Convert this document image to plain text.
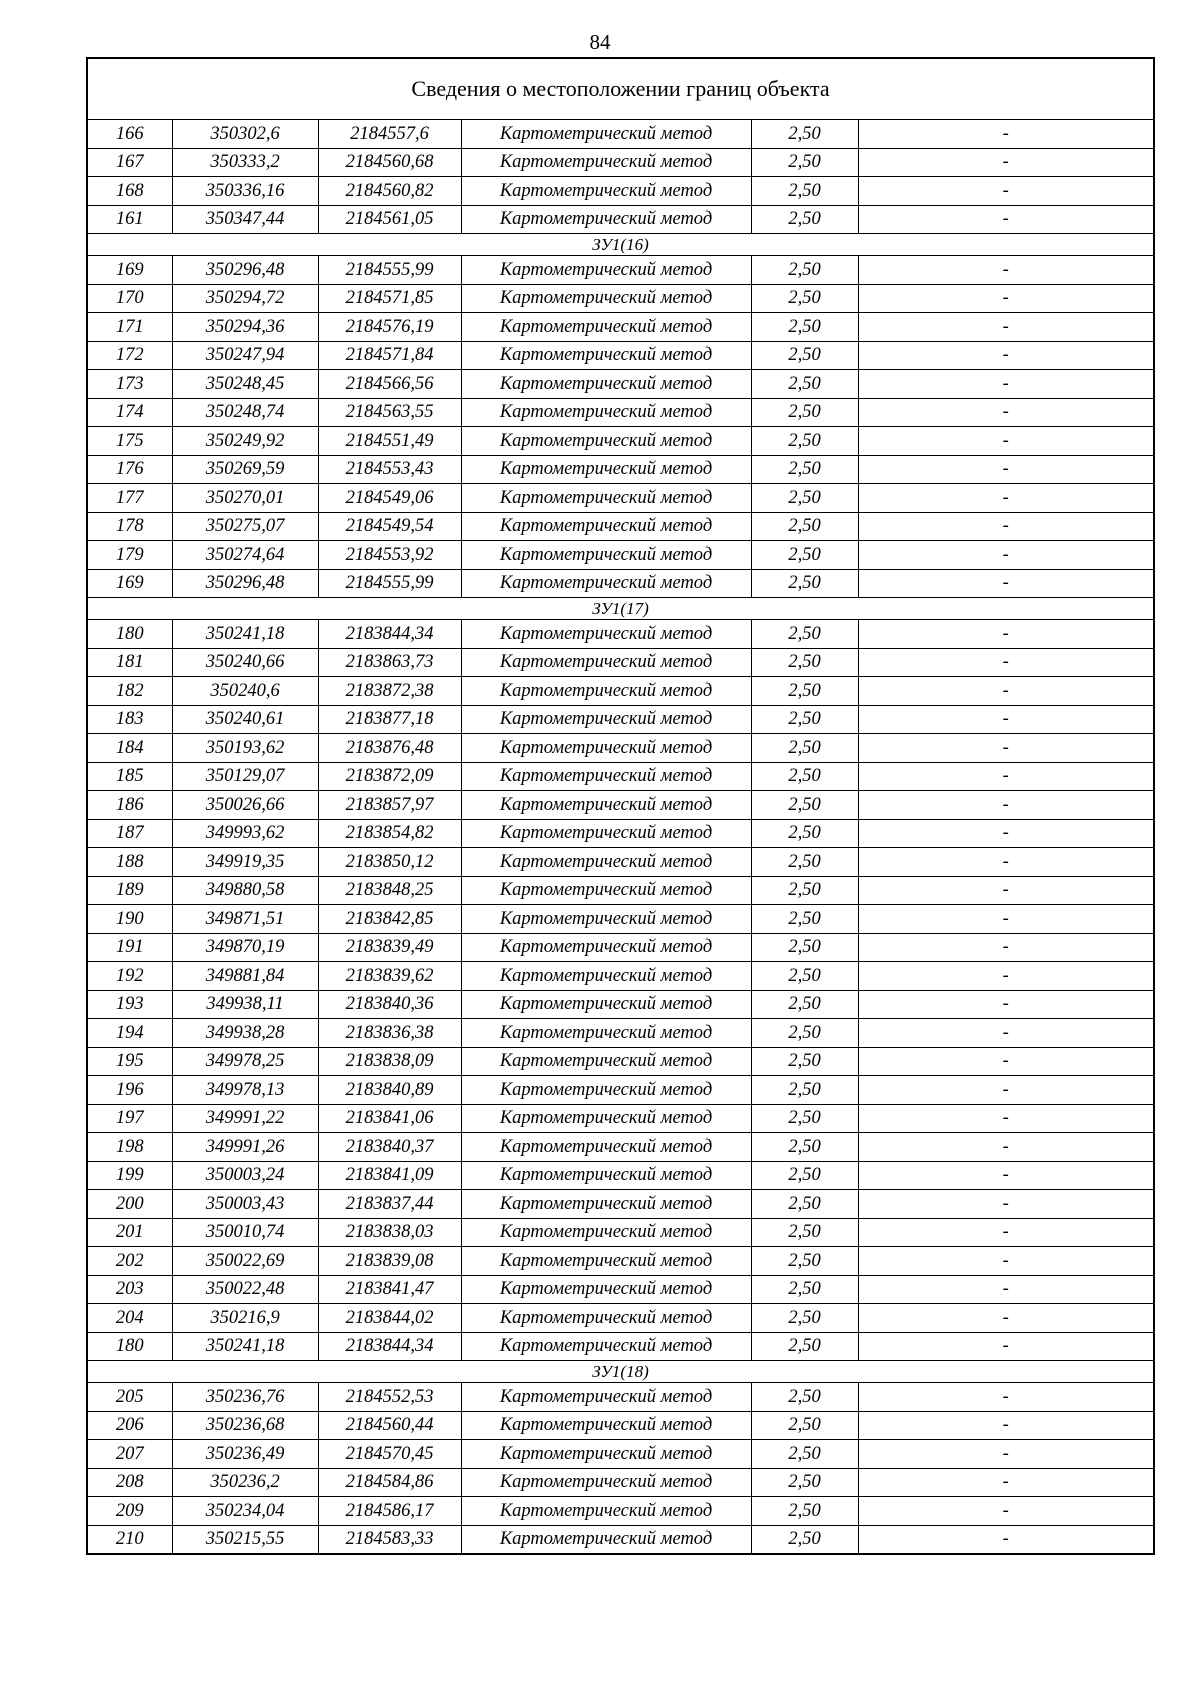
84
Сведения о местоположении границ объекта					
166	350302,6	2184557,6	Картометрический метод	2,50	-
167	350333,2	2184560,68	Картометрический метод	2,50	-
168	350336,16	2184560,82	Картометрический метод	2,50	-
161	350347,44	2184561,05	Картометрический метод	2,50	-
ЗУ1(16)					
169	350296,48	2184555,99	Картометрический метод	2,50	-
170	350294,72	2184571,85	Картометрический метод	2,50	-
171	350294,36	2184576,19	Картометрический метод	2,50	-
172	350247,94	2184571,84	Картометрический метод	2,50	-
173	350248,45	2184566,56	Картометрический метод	2,50	-
174	350248,74	2184563,55	Картометрический метод	2,50	-
175	350249,92	2184551,49	Картометрический метод	2,50	-
176	350269,59	2184553,43	Картометрический метод	2,50	-
177	350270,01	2184549,06	Картометрический метод	2,50	-
178	350275,07	2184549,54	Картометрический метод	2,50	-
179	350274,64	2184553,92	Картометрический метод	2,50	-
169	350296,48	2184555,99	Картометрический метод	2,50	-
ЗУ1(17)					
180	350241,18	2183844,34	Картометрический метод	2,50	-
181	350240,66	2183863,73	Картометрический метод	2,50	-
182	350240,6	2183872,38	Картометрический метод	2,50	-
183	350240,61	2183877,18	Картометрический метод	2,50	-
184	350193,62	2183876,48	Картометрический метод	2,50	-
185	350129,07	2183872,09	Картометрический метод	2,50	-
186	350026,66	2183857,97	Картометрический метод	2,50	-
187	349993,62	2183854,82	Картометрический метод	2,50	-
188	349919,35	2183850,12	Картометрический метод	2,50	-
189	349880,58	2183848,25	Картометрический метод	2,50	-
190	349871,51	2183842,85	Картометрический метод	2,50	-
191	349870,19	2183839,49	Картометрический метод	2,50	-
192	349881,84	2183839,62	Картометрический метод	2,50	-
193	349938,11	2183840,36	Картометрический метод	2,50	-
194	349938,28	2183836,38	Картометрический метод	2,50	-
195	349978,25	2183838,09	Картометрический метод	2,50	-
196	349978,13	2183840,89	Картометрический метод	2,50	-
197	349991,22	2183841,06	Картометрический метод	2,50	-
198	349991,26	2183840,37	Картометрический метод	2,50	-
199	350003,24	2183841,09	Картометрический метод	2,50	-
200	350003,43	2183837,44	Картометрический метод	2,50	-
201	350010,74	2183838,03	Картометрический метод	2,50	-
202	350022,69	2183839,08	Картометрический метод	2,50	-
203	350022,48	2183841,47	Картометрический метод	2,50	-
204	350216,9	2183844,02	Картометрический метод	2,50	-
180	350241,18	2183844,34	Картометрический метод	2,50	-
ЗУ1(18)					
205	350236,76	2184552,53	Картометрический метод	2,50	-
206	350236,68	2184560,44	Картометрический метод	2,50	-
207	350236,49	2184570,45	Картометрический метод	2,50	-
208	350236,2	2184584,86	Картометрический метод	2,50	-
209	350234,04	2184586,17	Картометрический метод	2,50	-
210	350215,55	2184583,33	Картометрический метод	2,50	-
